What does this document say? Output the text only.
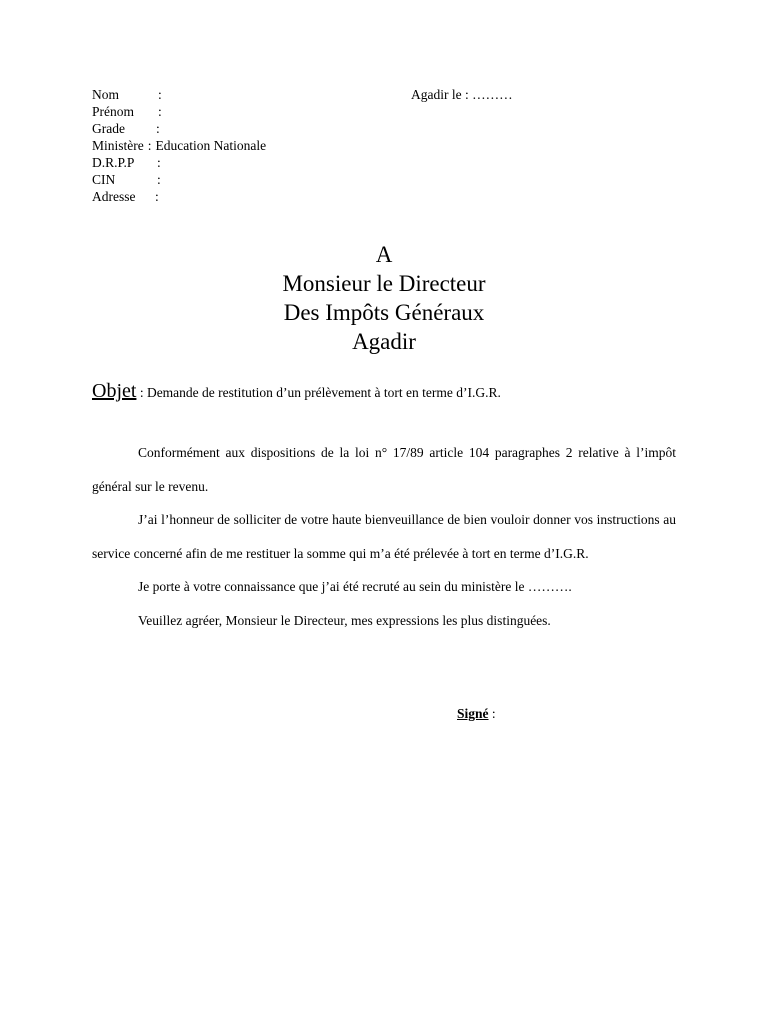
Nom	:
Prénom	:
Grade	:
Ministère : Education Nationale
D.R.P.P	:
CIN	:
Adresse	:
Agadir le : ………
A
Monsieur le Directeur
Des Impôts Généraux
Agadir
Objet : Demande de restitution d’un prélèvement à tort en terme d’I.G.R.

Conformément aux dispositions de la loi n° 17/89 article 104 paragraphes 2 relative à l’impôt général sur le revenu.

J’ai l’honneur de solliciter de votre haute bienveuillance de bien vouloir donner vos instructions au service concerné afin de me restituer la somme qui m’a été prélevée à tort en terme d’I.G.R.

Je porte à votre connaissance que j’ai été recruté au sein du ministère le ……….

Veuillez agréer, Monsieur le Directeur, mes expressions les plus distinguées.

Signé :
